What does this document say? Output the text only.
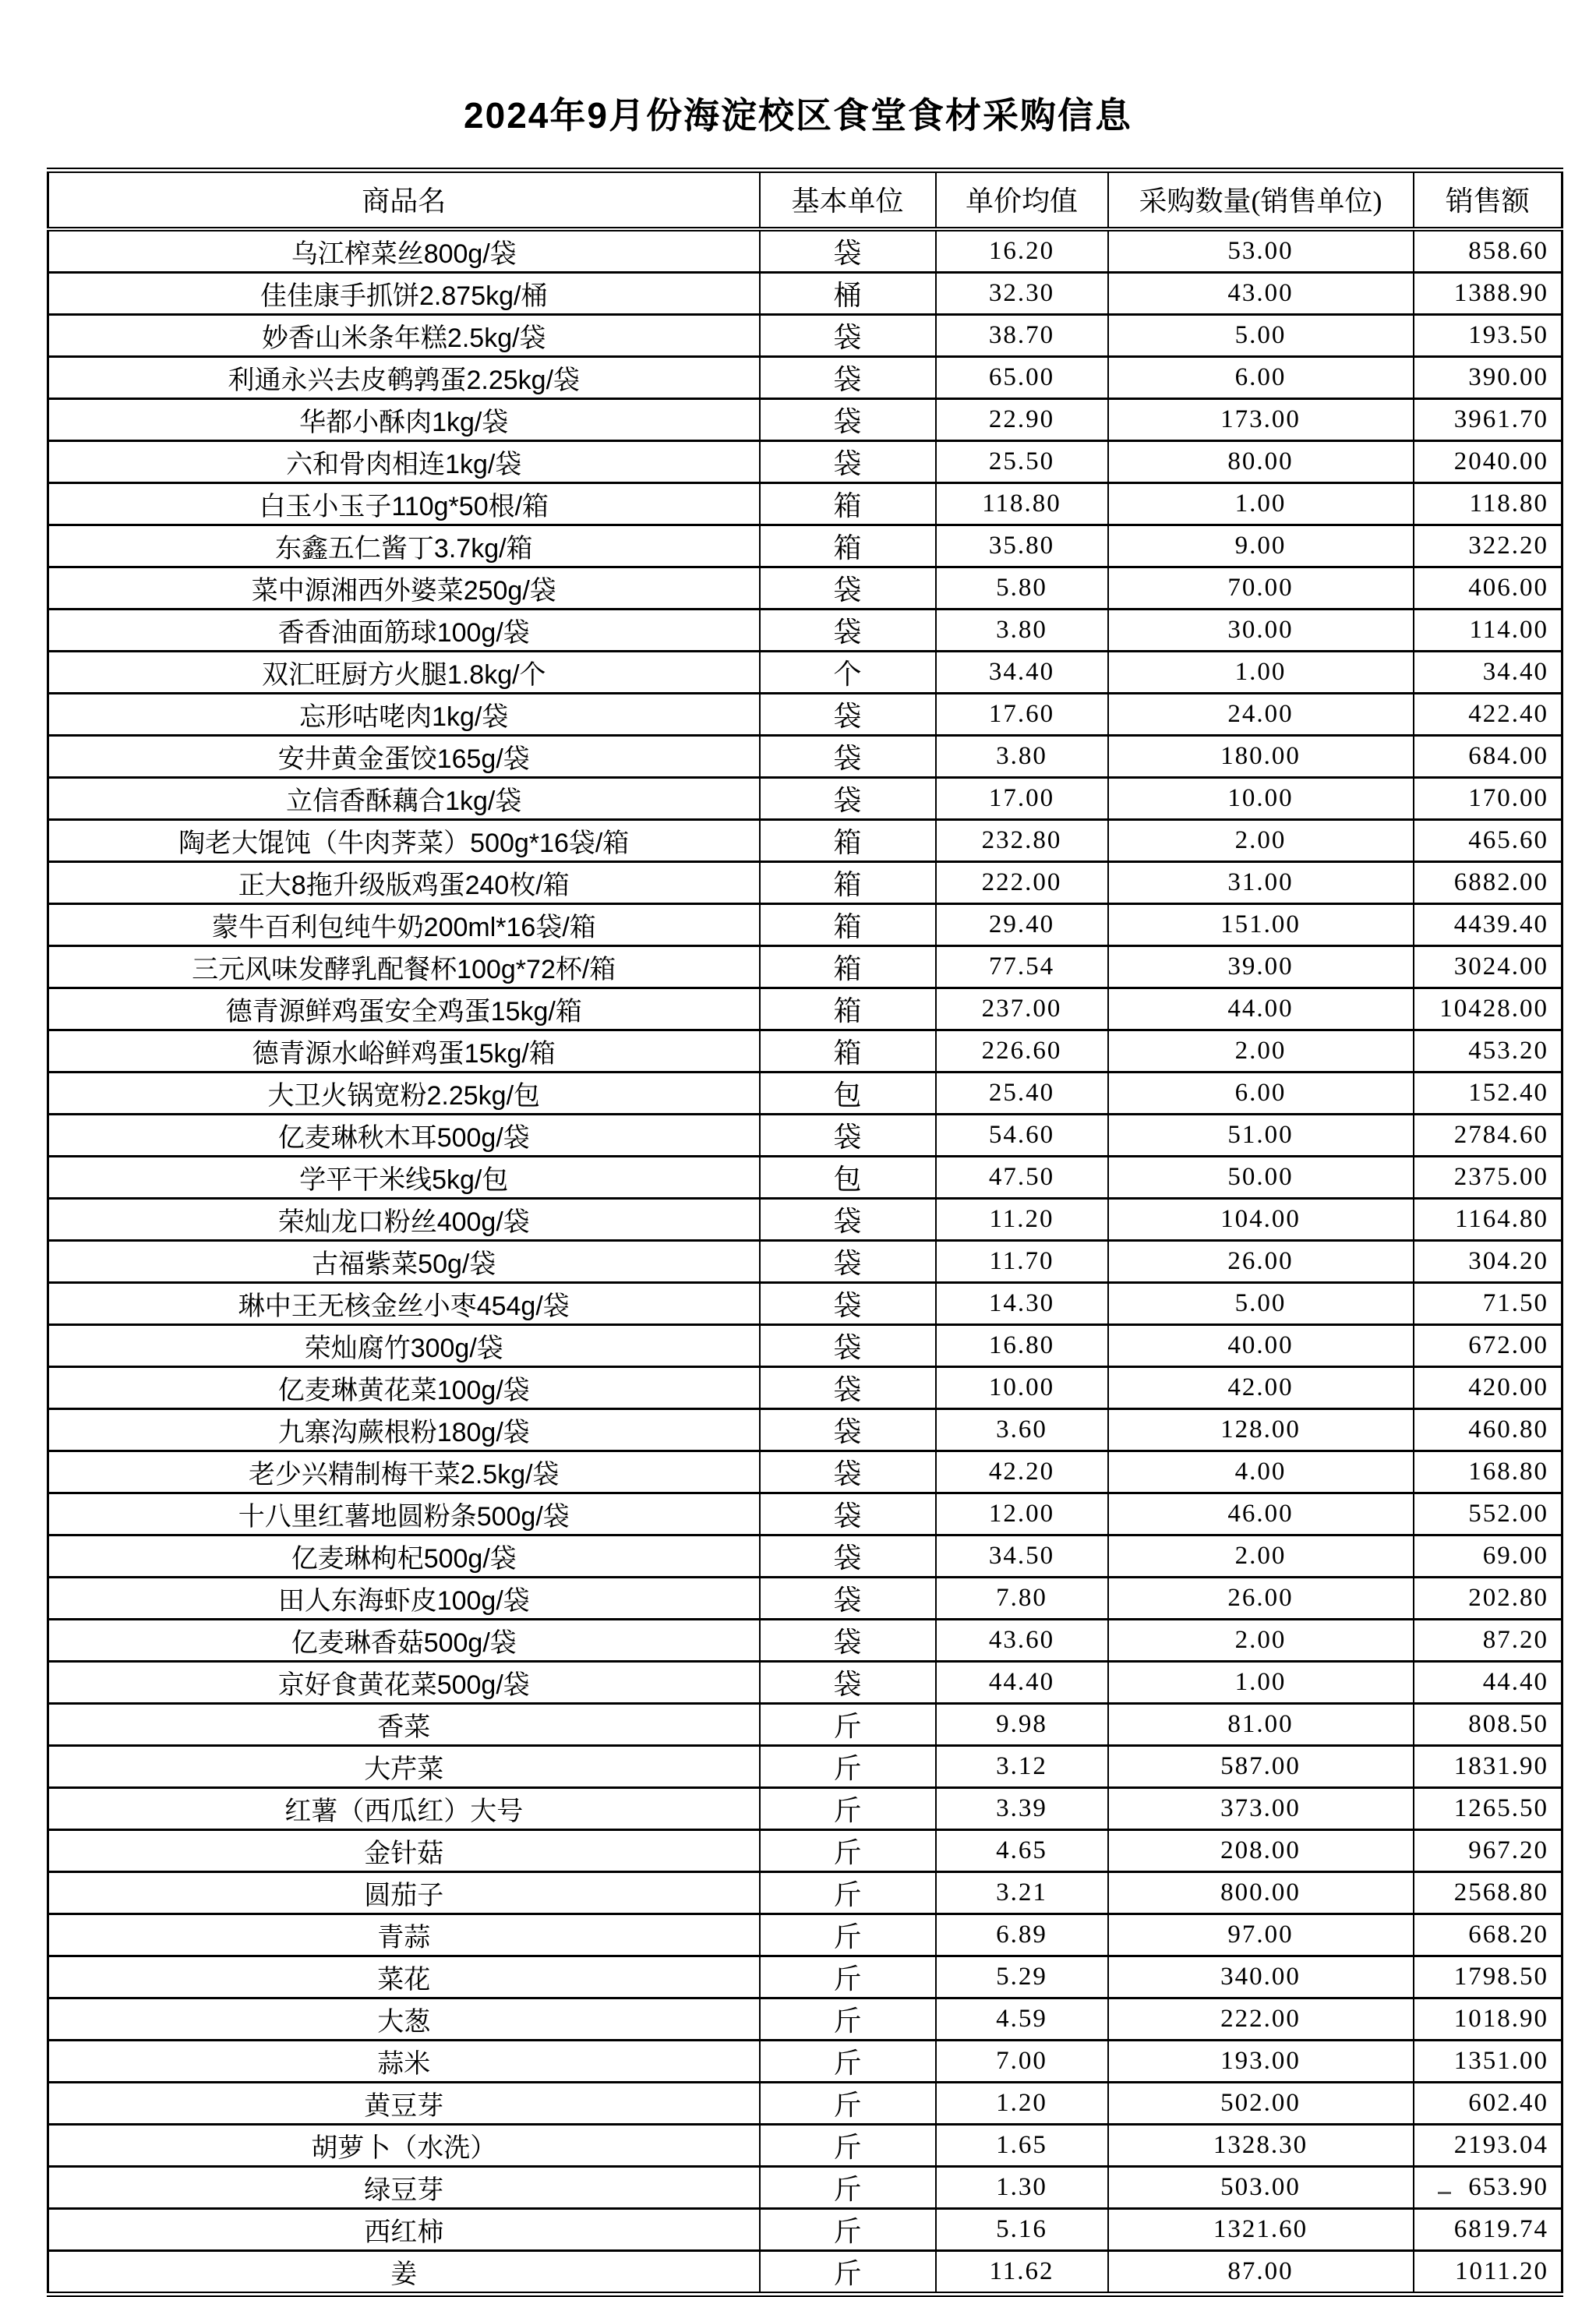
2024年9月份海淀校区食堂食材采购信息
商品名	基本单位	单价均值	采购数量(销售单位)	销售额
乌江榨菜丝800g/袋	袋	16.20	53.00	858.60
佳佳康手抓饼2.875kg/桶	桶	32.30	43.00	1388.90
妙香山米条年糕2.5kg/袋	袋	38.70	5.00	193.50
利通永兴去皮鹌鹑蛋2.25kg/袋	袋	65.00	6.00	390.00
华都小酥肉1kg/袋	袋	22.90	173.00	3961.70
六和骨肉相连1kg/袋	袋	25.50	80.00	2040.00
白玉小玉子110g*50根/箱	箱	118.80	1.00	118.80
东鑫五仁酱丁3.7kg/箱	箱	35.80	9.00	322.20
菜中源湘西外婆菜250g/袋	袋	5.80	70.00	406.00
香香油面筋球100g/袋	袋	3.80	30.00	114.00
双汇旺厨方火腿1.8kg/个	个	34.40	1.00	34.40
忘形咕咾肉1kg/袋	袋	17.60	24.00	422.40
安井黄金蛋饺165g/袋	袋	3.80	180.00	684.00
立信香酥藕合1kg/袋	袋	17.00	10.00	170.00
陶老大馄饨（牛肉荠菜）500g*16袋/箱	箱	232.80	2.00	465.60
正大8拖升级版鸡蛋240枚/箱	箱	222.00	31.00	6882.00
蒙牛百利包纯牛奶200ml*16袋/箱	箱	29.40	151.00	4439.40
三元风味发酵乳配餐杯100g*72杯/箱	箱	77.54	39.00	3024.00
德青源鲜鸡蛋安全鸡蛋15kg/箱	箱	237.00	44.00	10428.00
德青源水峪鲜鸡蛋15kg/箱	箱	226.60	2.00	453.20
大卫火锅宽粉2.25kg/包	包	25.40	6.00	152.40
亿麦琳秋木耳500g/袋	袋	54.60	51.00	2784.60
学平干米线5kg/包	包	47.50	50.00	2375.00
荣灿龙口粉丝400g/袋	袋	11.20	104.00	1164.80
古福紫菜50g/袋	袋	11.70	26.00	304.20
琳中王无核金丝小枣454g/袋	袋	14.30	5.00	71.50
荣灿腐竹300g/袋	袋	16.80	40.00	672.00
亿麦琳黄花菜100g/袋	袋	10.00	42.00	420.00
九寨沟蕨根粉180g/袋	袋	3.60	128.00	460.80
老少兴精制梅干菜2.5kg/袋	袋	42.20	4.00	168.80
十八里红薯地圆粉条500g/袋	袋	12.00	46.00	552.00
亿麦琳枸杞500g/袋	袋	34.50	2.00	69.00
田人东海虾皮100g/袋	袋	7.80	26.00	202.80
亿麦琳香菇500g/袋	袋	43.60	2.00	87.20
京好食黄花菜500g/袋	袋	44.40	1.00	44.40
香菜	斤	9.98	81.00	808.50
大芹菜	斤	3.12	587.00	1831.90
红薯（西瓜红）大号	斤	3.39	373.00	1265.50
金针菇	斤	4.65	208.00	967.20
圆茄子	斤	3.21	800.00	2568.80
青蒜	斤	6.89	97.00	668.20
菜花	斤	5.29	340.00	1798.50
大葱	斤	4.59	222.00	1018.90
蒜米	斤	7.00	193.00	1351.00
黄豆芽	斤	1.20	502.00	602.40
胡萝卜（水洗）	斤	1.65	1328.30	2193.04
绿豆芽	斤	1.30	503.00	653.90
西红柿	斤	5.16	1321.60	6819.74
姜	斤	11.62	87.00	1011.20
